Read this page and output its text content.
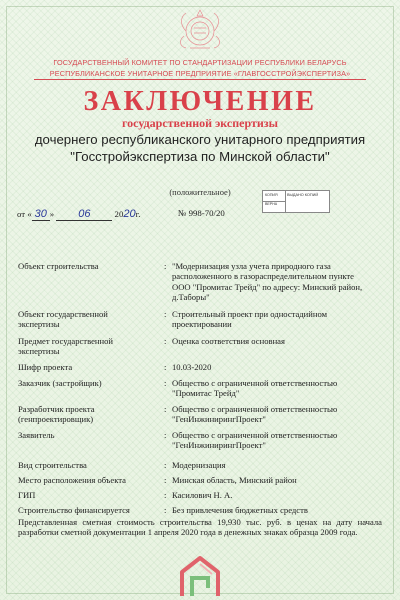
ГОСУДАРСТВЕННЫЙ КОМИТЕТ ПО СТАНДАРТИЗАЦИИ РЕСПУБЛИКИ БЕЛАРУСЬ
РЕСПУБЛИКАНСКОЕ УНИТАРНОЕ ПРЕДПРИЯТИЕ «ГЛАВГОССТРОЙЭКСПЕРТИЗА»
ЗАКЛЮЧЕНИЕ
государственной экспертизы
дочернего республиканского унитарного предприятия
"Госстройэкспертиза по Минской области"
(положительное)	КОПИЯ
ВЕРНА
ВЫДАНО КОПИЙ
от « 30 » 06	2020г.	№ 998-70/20
Объект строительства	: "Модернизация узла учета природного газа расположенного в газораспределительном пункте ООО "Промитас Трейд" по адресу: Минский район, д.Таборы"
Объект государственной экспертизы
: Строительный проект при одностадийном проектировании
Предмет государственной экспертизы
: Оценка соответствия основная
Шифр проекта	: 10.03-2020
Заказчик (застройщик)	: Общество с ограниченной ответственностью "Промитас Трейд"
Разработчик проекта (генпроектировщик)
: Общество с ограниченной ответственностью "ГенИнжинирингПроект"
Заявитель	: Общество с ограниченной ответственностью "ГенИнжинирингПроект"
Вид строительства	: Модернизация
Место расположения объекта	: Минская область, Минский район
ГИП	: Касилович Н. А.
Строительство финансируется	: Без привлечения бюджетных средств
Представленная сметная стоимость строительства 19,930 тыс. руб. в ценах на дату начала разработки сметной документации 1 апреля 2020 года в денежных знаках образца 2009 года.
